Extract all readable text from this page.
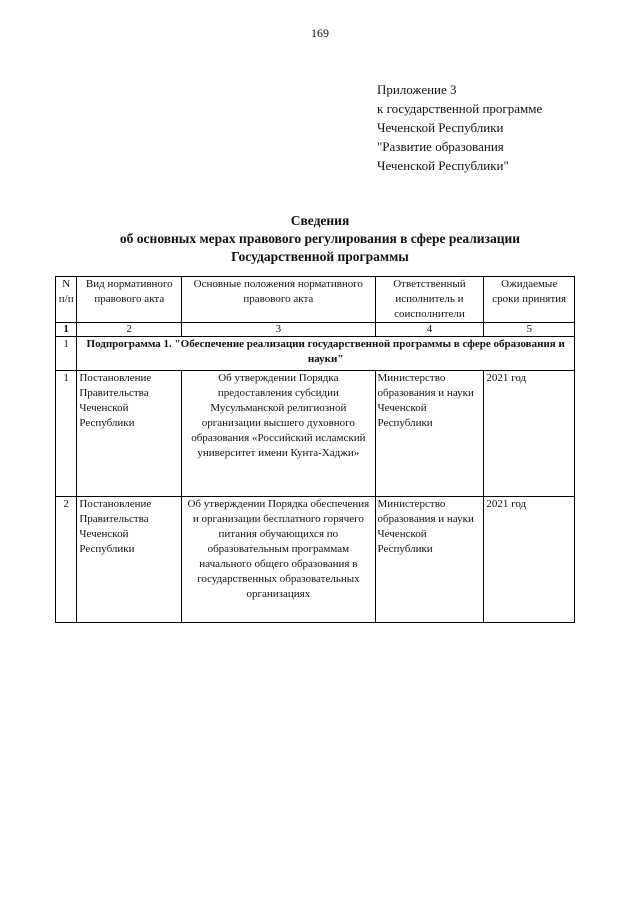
169
Приложение 3
к государственной программе
Чеченской Республики
"Развитие образования
Чеченской Республики"
Сведения
об основных мерах правового регулирования в сфере реализации
Государственной программы
N п/п	Вид нормативного правового акта	Основные положения нормативного правового акта	Ответственный исполнитель и соисполнители	Ожидаемые сроки принятия
1	2	3	4	5
1	Подпрограмма 1. "Обеспечение реализации государственной программы в сфере образования и науки"			
1	Постановление Правительства Чеченской Республики	Об утверждении Порядка предоставления субсидии Мусульманской религиозной организации высшего духовного образования «Российский исламский университет имени Кунта-Хаджи»	Министерство образования и науки Чеченской Республики	2021 год
2	Постановление Правительства Чеченской Республики	Об утверждении Порядка обеспечения и организации бесплатного горячего питания обучающихся по образовательным программам начального общего образования в государственных образовательных организациях	Министерство образования и науки Чеченской Республики	2021 год
